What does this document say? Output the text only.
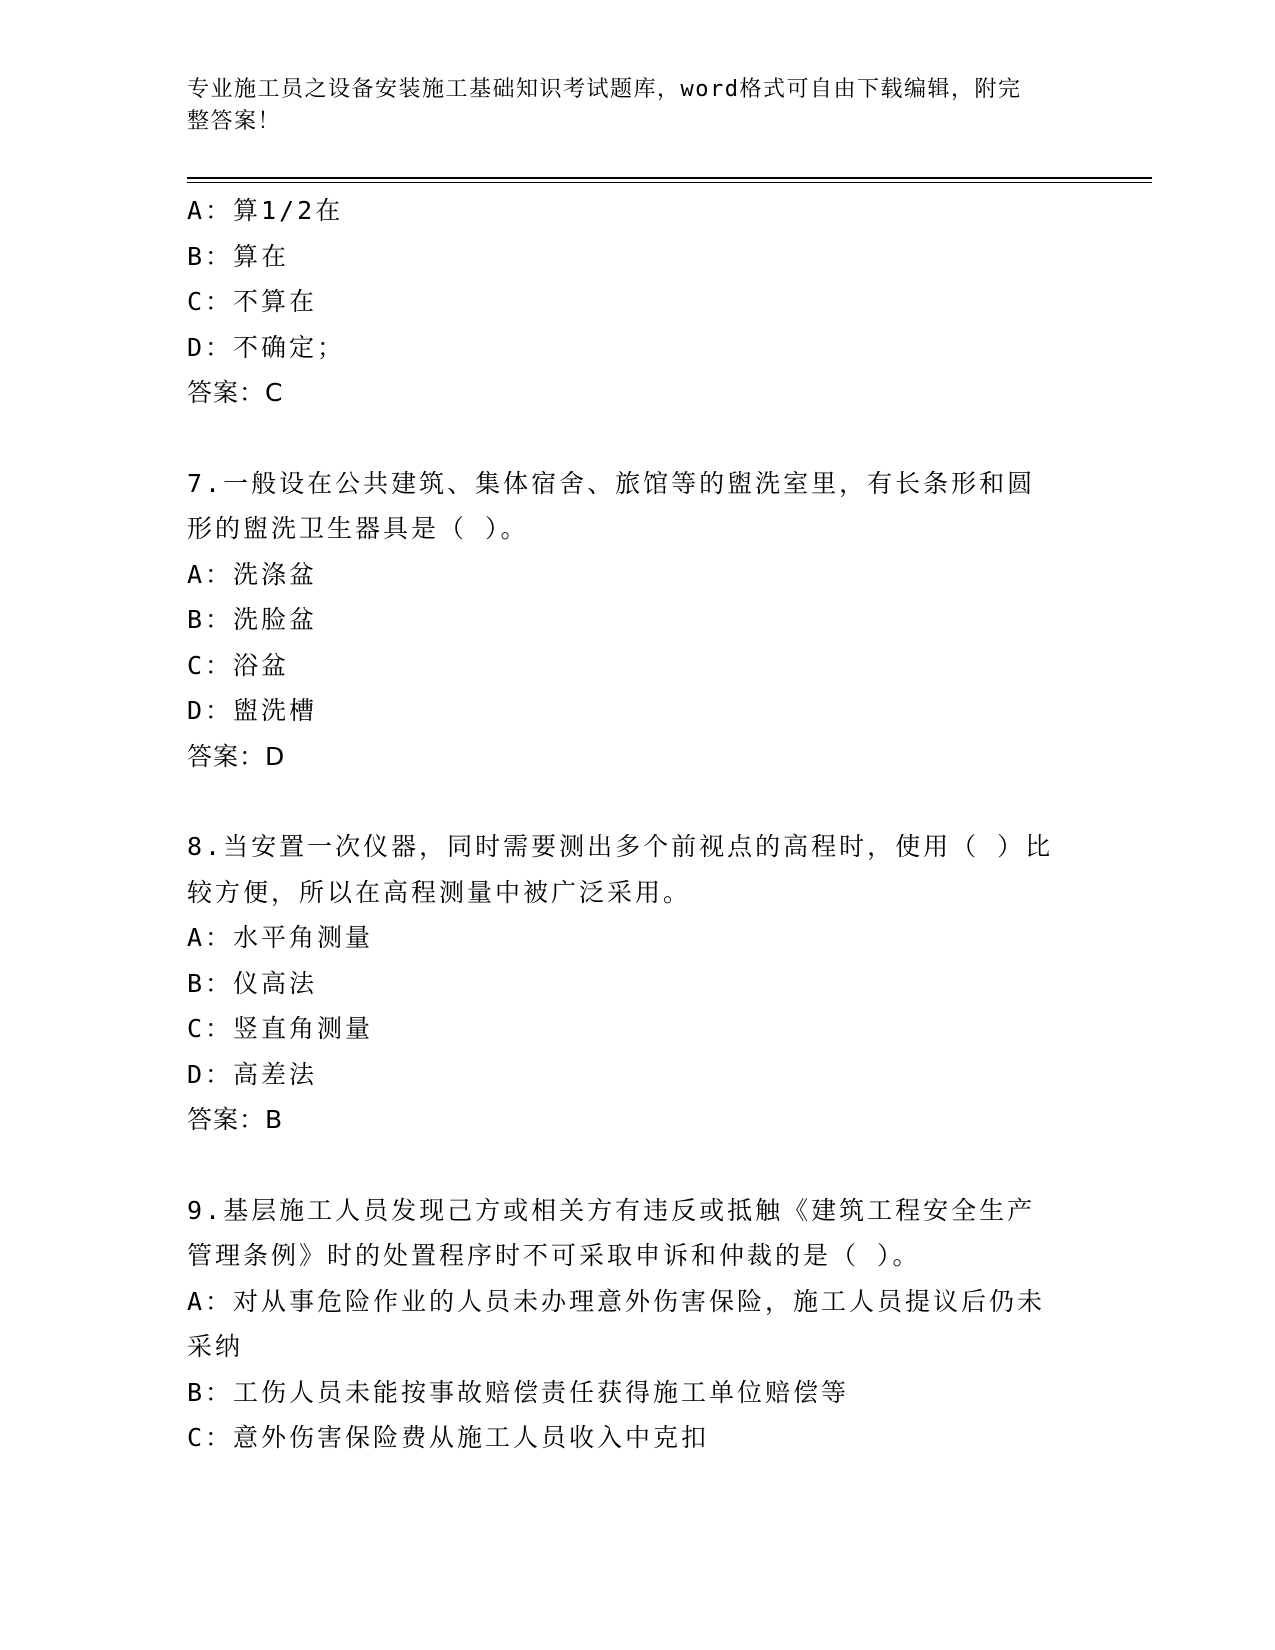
专业施工员之设备安装施工基础知识考试题库，word格式可自由下载编辑，附完
整答案！
A：算1/2在
B：算在
C：不算在
D：不确定；
答案：C
7.一般设在公共建筑、集体宿舍、旅馆等的盥洗室里，有长条形和圆
形的盥洗卫生器具是（ ）。
A：洗涤盆
B：洗脸盆
C：浴盆
D：盥洗槽
答案：D
8.当安置一次仪器，同时需要测出多个前视点的高程时，使用（ ）比
较方便，所以在高程测量中被广泛采用。
A：水平角测量
B：仪高法
C：竖直角测量
D：高差法
答案：B
9.基层施工人员发现己方或相关方有违反或抵触《建筑工程安全生产
管理条例》时的处置程序时不可采取申诉和仲裁的是（ ）。
A：对从事危险作业的人员未办理意外伤害保险，施工人员提议后仍未
采纳
B：工伤人员未能按事故赔偿责任获得施工单位赔偿等
C：意外伤害保险费从施工人员收入中克扣
